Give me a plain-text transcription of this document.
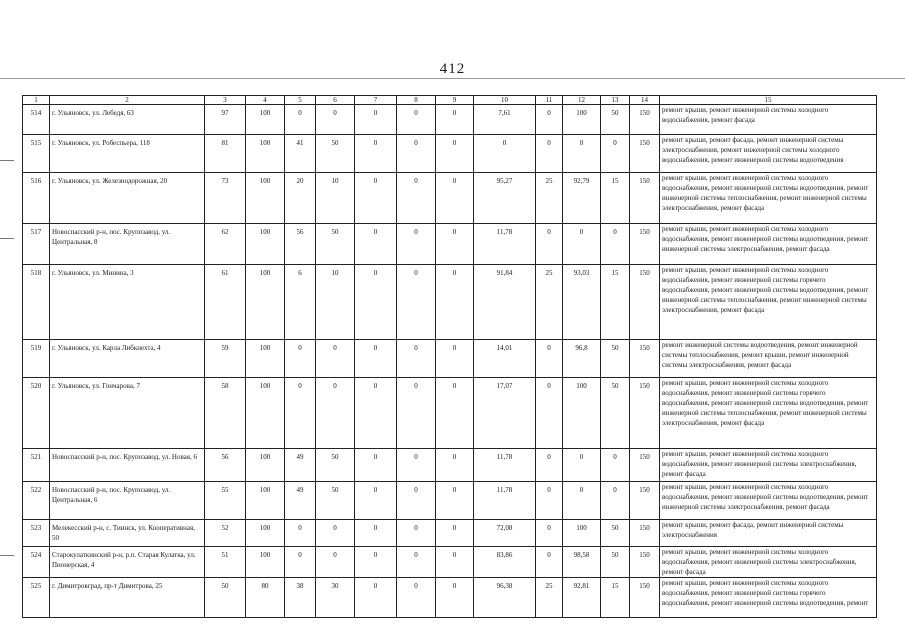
412
1	2	3	4	5	6	7	8	9	10	11	12	13	14	15
514	г. Ульяновск, ул. Лебедя, 63	97	100	0	0	0	0	0	7,61	0	100	50	150	ремонт крыши, ремонт инженерной системы холодного водоснабжения, ремонт фасада
515	г. Ульяновск, ул. Робеспьера, 118	81	100	41	50	0	0	0	0	0	0	0	150	ремонт крыши, ремонт фасада, ремонт инженерной системы электроснабжения, ремонт инженерной системы холодного водоснабжения, ремонт инженерной системы водоотведения
516	г. Ульяновск, ул. Железнодорожная, 20	73	100	20	10	0	0	0	95,27	25	92,79	15	150	ремонт крыши, ремонт инженерной системы холодного водоснабжения, ремонт инженерной системы водоотведения, ремонт инженерной системы теплоснабжения, ремонт инженерной системы электроснабжения, ремонт фасада
517	Новоспасский р-н, пос. Крупозавод, ул. Центральная, 8	62	100	56	50	0	0	0	11,78	0	0	0	150	ремонт крыши, ремонт инженерной системы холодного водоснабжения, ремонт инженерной системы водоотведения, ремонт инженерной системы электроснабжения, ремонт фасада
518	г. Ульяновск, ул. Минина, 3	61	100	6	10	0	0	0	91,84	25	93,03	15	150	ремонт крыши, ремонт инженерной системы холодного водоснабжения, ремонт инженерной системы горячего водоснабжения, ремонт инженерной системы водоотведения, ремонт инженерной системы теплоснабжения, ремонт инженерной системы электроснабжения, ремонт фасада
519	г. Ульяновск, ул. Карла Либкнехта, 4	59	100	0	0	0	0	0	14,01	0	96,8	50	150	ремонт инженерной системы водоотведения, ремонт инженерной системы теплоснабжения, ремонт крыши, ремонт инженерной системы электроснабжения, ремонт фасада
520	г. Ульяновск, ул. Гончарова, 7	58	100	0	0	0	0	0	17,07	0	100	50	150	ремонт крыши, ремонт инженерной системы холодного водоснабжения, ремонт инженерной системы горячего водоснабжения, ремонт инженерной системы водоотведения, ремонт инженерной системы теплоснабжения, ремонт инженерной системы электроснабжения, ремонт фасада
521	Новоспасский р-н, пос. Крупозавод, ул. Новая, 6	56	100	49	50	0	0	0	11,78	0	0	0	150	ремонт крыши, ремонт инженерной системы холодного водоснабжения, ремонт инженерной системы электроснабжения, ремонт фасада
522	Новоспасский р-н, пос. Крупозавод, ул. Центральная, 6	55	100	49	50	0	0	0	11,78	0	0	0	150	ремонт крыши, ремонт инженерной системы холодного водоснабжения, ремонт инженерной системы водоотведения, ремонт инженерной системы электроснабжения, ремонт фасада
523	Мелекесский р-н, с. Тиинск, ул. Кооперативная, 50	52	100	0	0	0	0	0	72,08	0	100	50	150	ремонт крыши, ремонт фасада, ремонт инженерной системы электроснабжения
524	Старокулаткинский р-н, р.п. Старая Кулатка, ул. Пионерская, 4	51	100	0	0	0	0	0	83,86	0	98,58	50	150	ремонт крыши, ремонт инженерной системы холодного водоснабжения, ремонт инженерной системы электроснабжения, ремонт фасада
525	г. Димитровград, пр-т Димитрова, 25	50	80	38	30	0	0	0	96,38	25	92,81	15	150	ремонт крыши, ремонт инженерной системы холодного водоснабжения, ремонт инженерной системы горячего водоснабжения, ремонт инженерной системы водоотведения, ремонт
